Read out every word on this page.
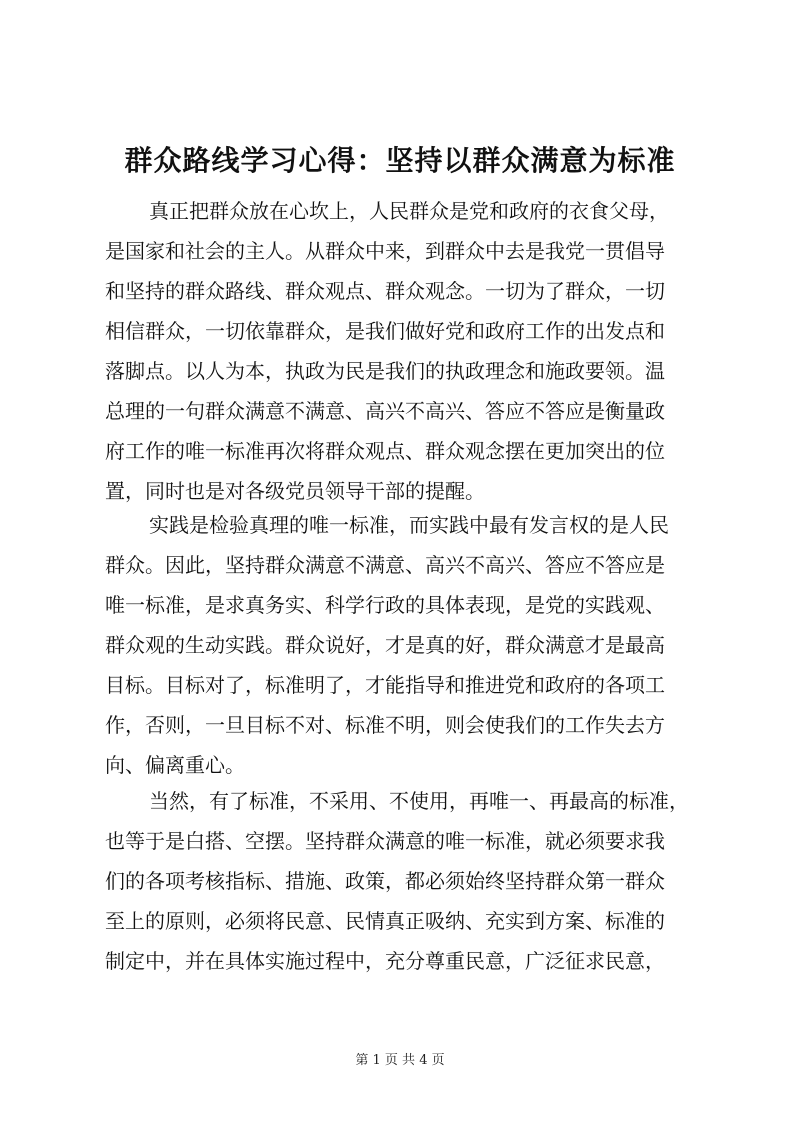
群众路线学习心得：坚持以群众满意为标准
真正把群众放在心坎上，人民群众是党和政府的衣食父母，
是国家和社会的主人。从群众中来，到群众中去是我党一贯倡导
和坚持的群众路线、群众观点、群众观念。一切为了群众，一切
相信群众，一切依靠群众，是我们做好党和政府工作的出发点和
落脚点。以人为本，执政为民是我们的执政理念和施政要领。温
总理的一句群众满意不满意、高兴不高兴、答应不答应是衡量政
府工作的唯一标准再次将群众观点、群众观念摆在更加突出的位
置，同时也是对各级党员领导干部的提醒。
实践是检验真理的唯一标准，而实践中最有发言权的是人民
群众。因此，坚持群众满意不满意、高兴不高兴、答应不答应是
唯一标准，是求真务实、科学行政的具体表现，是党的实践观、
群众观的生动实践。群众说好，才是真的好，群众满意才是最高
目标。目标对了，标准明了，才能指导和推进党和政府的各项工
作，否则，一旦目标不对、标准不明，则会使我们的工作失去方
向、偏离重心。
当然，有了标准，不采用、不使用，再唯一、再最高的标准，
也等于是白搭、空摆。坚持群众满意的唯一标准，就必须要求我
们的各项考核指标、措施、政策，都必须始终坚持群众第一群众
至上的原则，必须将民意、民情真正吸纳、充实到方案、标准的
制定中，并在具体实施过程中，充分尊重民意，广泛征求民意，
第 1 页 共 4 页
